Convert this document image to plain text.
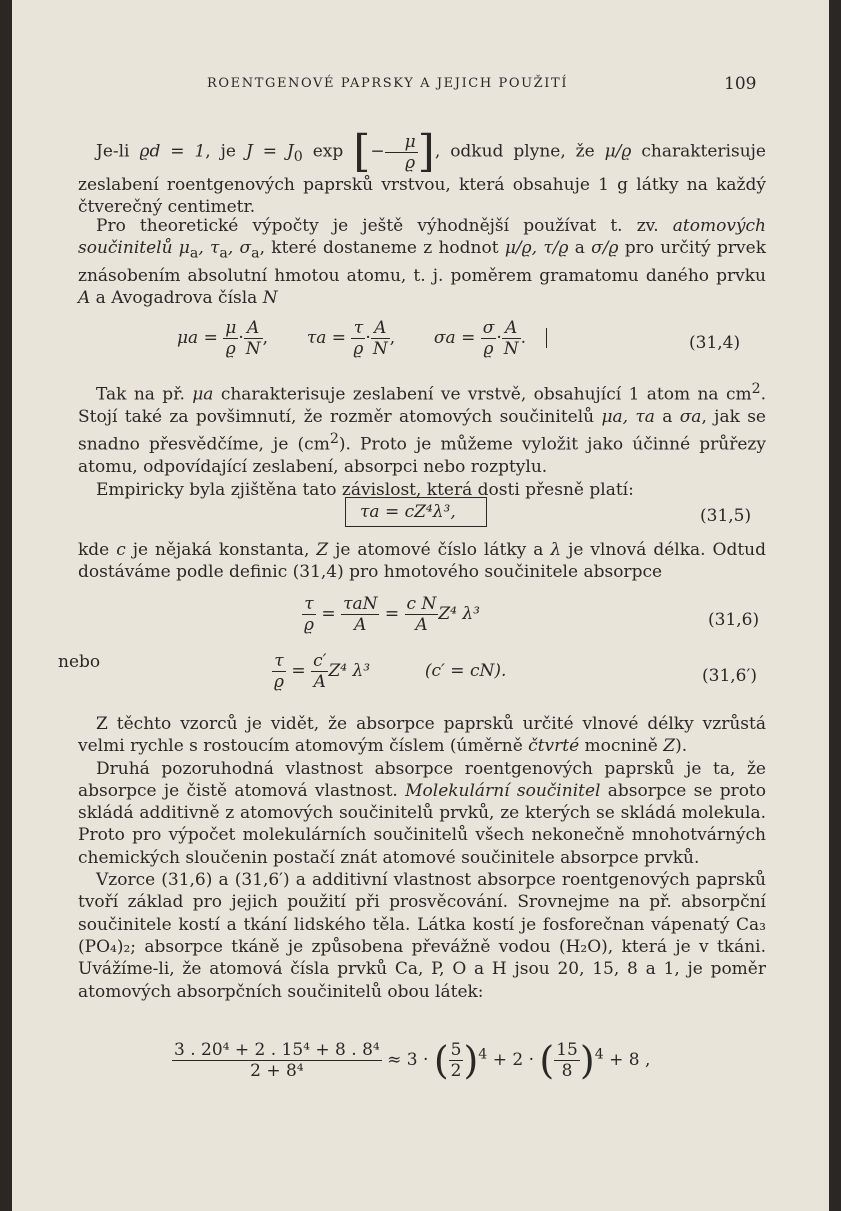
ROENTGENOVÉ PAPRSKY A JEJICH POUŽITÍ	109

Je-li ϱd = 1, je $J = J_0$ exp [− $\frac{\mu}{ϱ}$ ], odkud plyne, že μ/ϱ charakterisuje zeslabení roentgenových paprsků vrstvou, která obsahuje 1 g látky na každý čtverečný centimetr.

Pro theoretické výpočty je ještě výhodnější používat t. zv. atomových součinitelů $\mu_a$, $\tau_a$, $\sigma_a$, které dostaneme z hodnot μ/ϱ, τ/ϱ a σ/ϱ pro určitý prvek znásobením absolutní hmotou atomu, t. j. poměrem gramatomu daného prvku A a Avogadrova čísla N

$\mu a = \frac{\mu}{ϱ} \cdot \frac{A}{N}$ , $\tau a = \frac{\tau}{ϱ} \cdot \frac{A}{N}$ , $\sigma a = \frac{\sigma}{ϱ} \cdot \frac{A}{N}$ .	(31,4)

Tak na př. μa charakterisuje zeslabení ve vrstvě, obsahující 1 atom na $cm^2$. Stojí také za povšimnutí, že rozměr atomových součinitelů μa, τa a σa, jak se snadno přesvědčíme, je $(cm^2)$. Proto je můžeme vyložit jako účinné průřezy atomu, odpovídající zeslabení, absorpci nebo rozptylu.

Empiricky byla zjištěna tato závislost, která dosti přesně platí:

τa = cZ⁴λ³,	(31,5)

kde c je nějaká konstanta, Z je atomové číslo látky a λ je vlnová délka. Odtud dostáváme podle definic (31,4) pro hmotového součinitele absorpce

$\frac{\tau}{ϱ} = \frac{\text{τaN}}{A} = \frac{\text{c N}}{A} Z^4$ λ³	(31,6)
nebo	$\frac{\tau}{ϱ} = \frac{c'}{A} Z^4$ λ³	(c′ = cN).	(31,6′)

Z těchto vzorců je vidět, že absorpce paprsků určité vlnové délky vzrůstá velmi rychle s rostoucím atomovým číslem (úměrně čtvrté mocnině Z).

Druhá pozoruhodná vlastnost absorpce roentgenových paprsků je ta, že absorpce je čistě atomová vlastnost. Molekulární součinitel absorpce se proto skládá additivně z atomových součinitelů prvků, ze kterých se skládá molekula. Proto pro výpočet molekulárních součinitelů všech nekonečně mnohotvárných chemických sloučenin postačí znát atomové součinitele absorpce prvků.

Vzorce (31,6) a (31,6′) a additivní vlastnost absorpce roentgenových paprsků tvoří základ pro jejich použití při prosvěcování. Srovnejme na př. absorpční součinitele kostí a tkání lidského těla. Látka kostí je fosforečnan vápenatý Ca₃ (PO₄)₂; absorpce tkáně je způsobena převážně vodou (H₂O), která je v tkáni. Uvážíme-li, že atomová čísla prvků Ca, P, O a H jsou 20, 15, 8 a 1, je poměr atomových absorpčních součinitelů obou látek:

$\frac{\text{3 . 20⁴ + 2 . 15⁴ + 8 . 8⁴}}{\text{2 + 8⁴}} \approx 3$ · ( $\frac{5}{2} )^4 + 2$ · ( $\frac{15}{8} )^4 + 8$ ,
